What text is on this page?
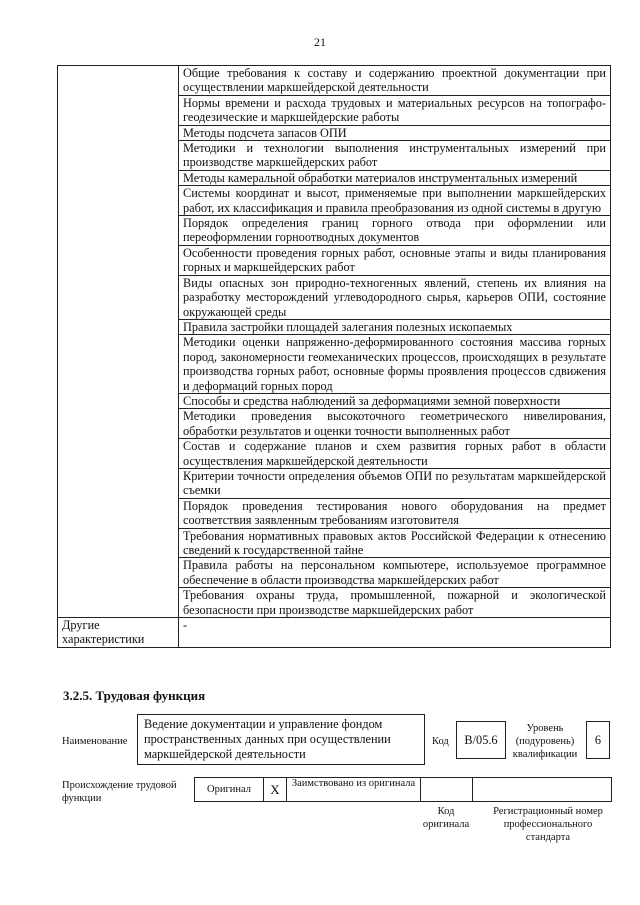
21
	Общие требования к составу и содержанию проектной документации при осуществлении маркшейдерской деятельности
	Нормы времени и расхода трудовых и материальных ресурсов на топографо-геодезические и маркшейдерские работы
	Методы подсчета запасов ОПИ
	Методики и технологии выполнения инструментальных измерений при производстве маркшейдерских работ
	Методы камеральной обработки материалов инструментальных измерений
	Системы координат и высот, применяемые при выполнении маркшейдерских работ, их классификация и правила преобразования из одной системы в другую
	Порядок определения границ горного отвода при оформлении или переоформлении горноотводных документов
	Особенности проведения горных работ, основные этапы и виды планирования горных и маркшейдерских работ
	Виды опасных зон природно-техногенных явлений, степень их влияния на разработку месторождений углеводородного сырья, карьеров ОПИ, состояние окружающей среды
	Правила застройки площадей залегания полезных ископаемых
	Методики оценки напряженно-деформированного состояния массива горных пород, закономерности геомеханических процессов, происходящих в результате производства горных работ, основные формы проявления процессов сдвижения и деформаций горных пород
	Способы и средства наблюдений за деформациями земной поверхности
	Методики проведения высокоточного геометрического нивелирования, обработки результатов и оценки точности выполненных работ
	Состав и содержание планов и схем развития горных работ в области осуществления маркшейдерской деятельности
	Критерии точности определения объемов ОПИ по результатам маркшейдерской съемки
	Порядок проведения тестирования нового оборудования на предмет соответствия заявленным требованиям изготовителя
	Требования нормативных правовых актов Российской Федерации к отнесению сведений к государственной тайне
	Правила работы на персональном компьютере, используемое программное обеспечение в области производства маркшейдерских работ
	Требования охраны труда, промышленной, пожарной и экологической безопасности при производстве маркшейдерских работ
Другие характеристики	-
3.2.5. Трудовая функция
Наименование
Ведение документации и управление фондом пространственных данных при осуществлении маркшейдерской деятельности
Код	B/05.6
Уровень (подуровень) квалификации
6
Происхождение трудовой функции
Оригинал	X	Заимствовано из оригинала
Код оригинала
Регистрационный номер профессионального стандарта
